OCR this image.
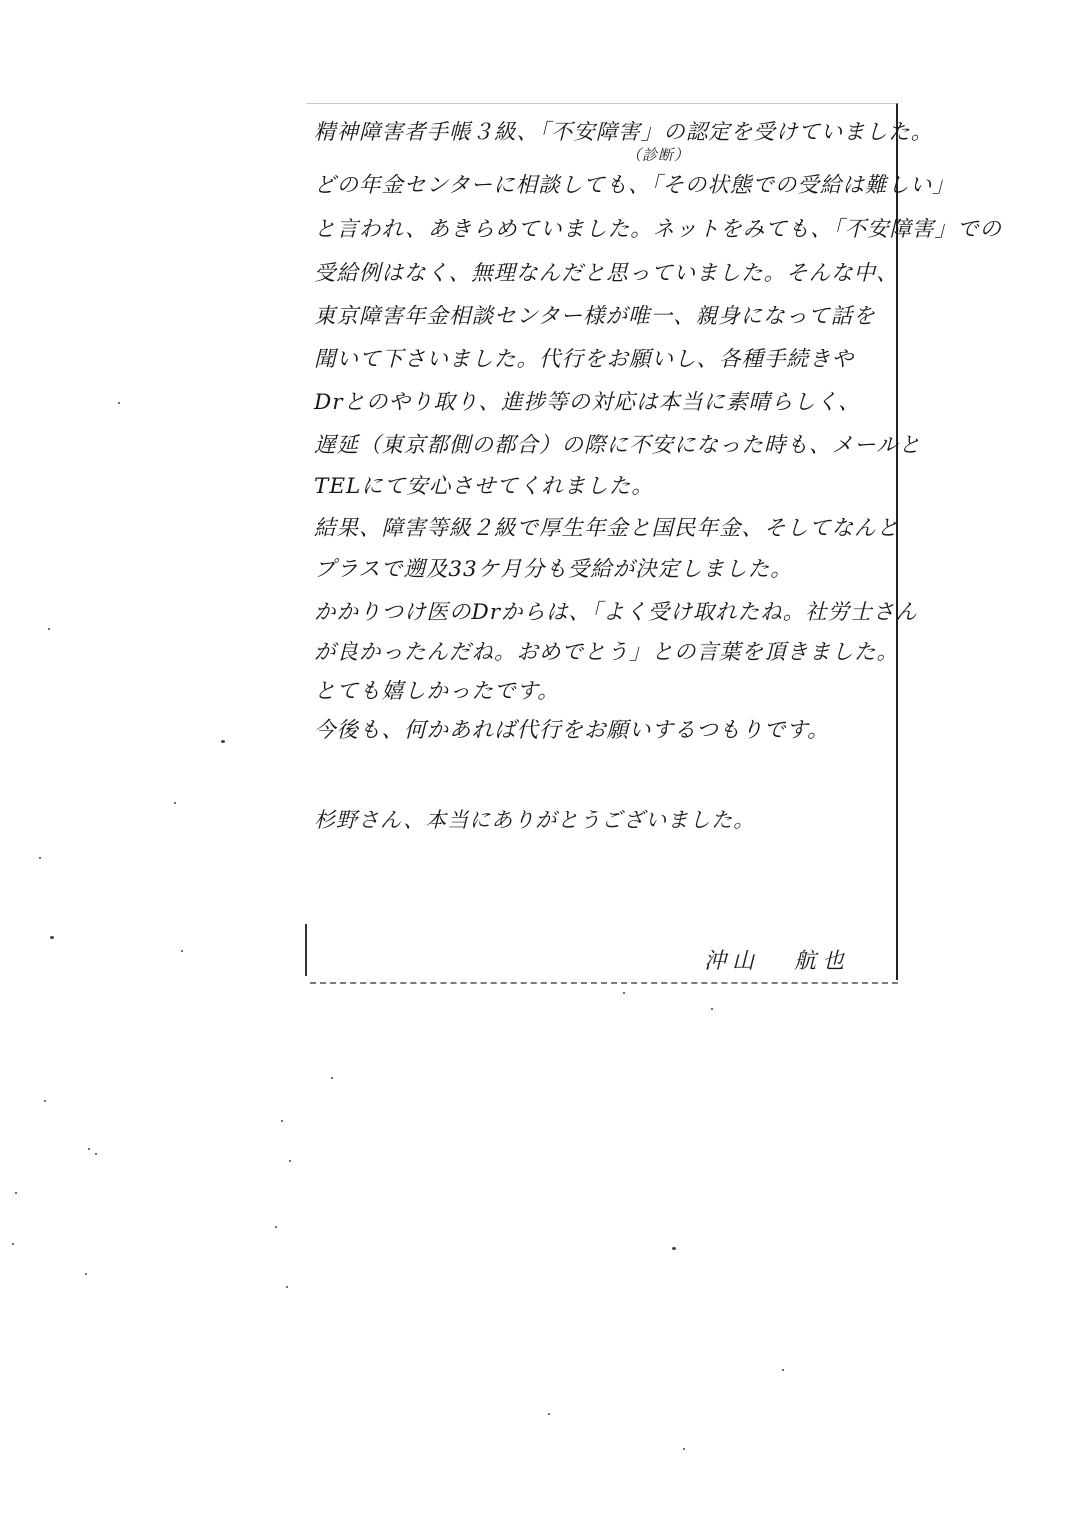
（診断）
精神障害者手帳３級、「不安障害」の認定を受けていました。
どの年金センターに相談しても、「その状態での受給は難しい」
と言われ、あきらめていました。ネットをみても、「不安障害」での
受給例はなく、無理なんだと思っていました。そんな中、
東京障害年金相談センター様が唯一、親身になって話を
聞いて下さいました。代行をお願いし、各種手続きや
Drとのやり取り、進捗等の対応は本当に素晴らしく、
遅延（東京都側の都合）の際に不安になった時も、メールと
TELにて安心させてくれました。
結果、障害等級２級で厚生年金と国民年金、そしてなんと
プラスで遡及33ケ月分も受給が決定しました。
かかりつけ医のDrからは、「よく受け取れたね。社労士さん
が良かったんだね。おめでとう」との言葉を頂きました。
とても嬉しかったです。
今後も、何かあれば代行をお願いするつもりです。
杉野さん、本当にありがとうございました。
沖山 航也
